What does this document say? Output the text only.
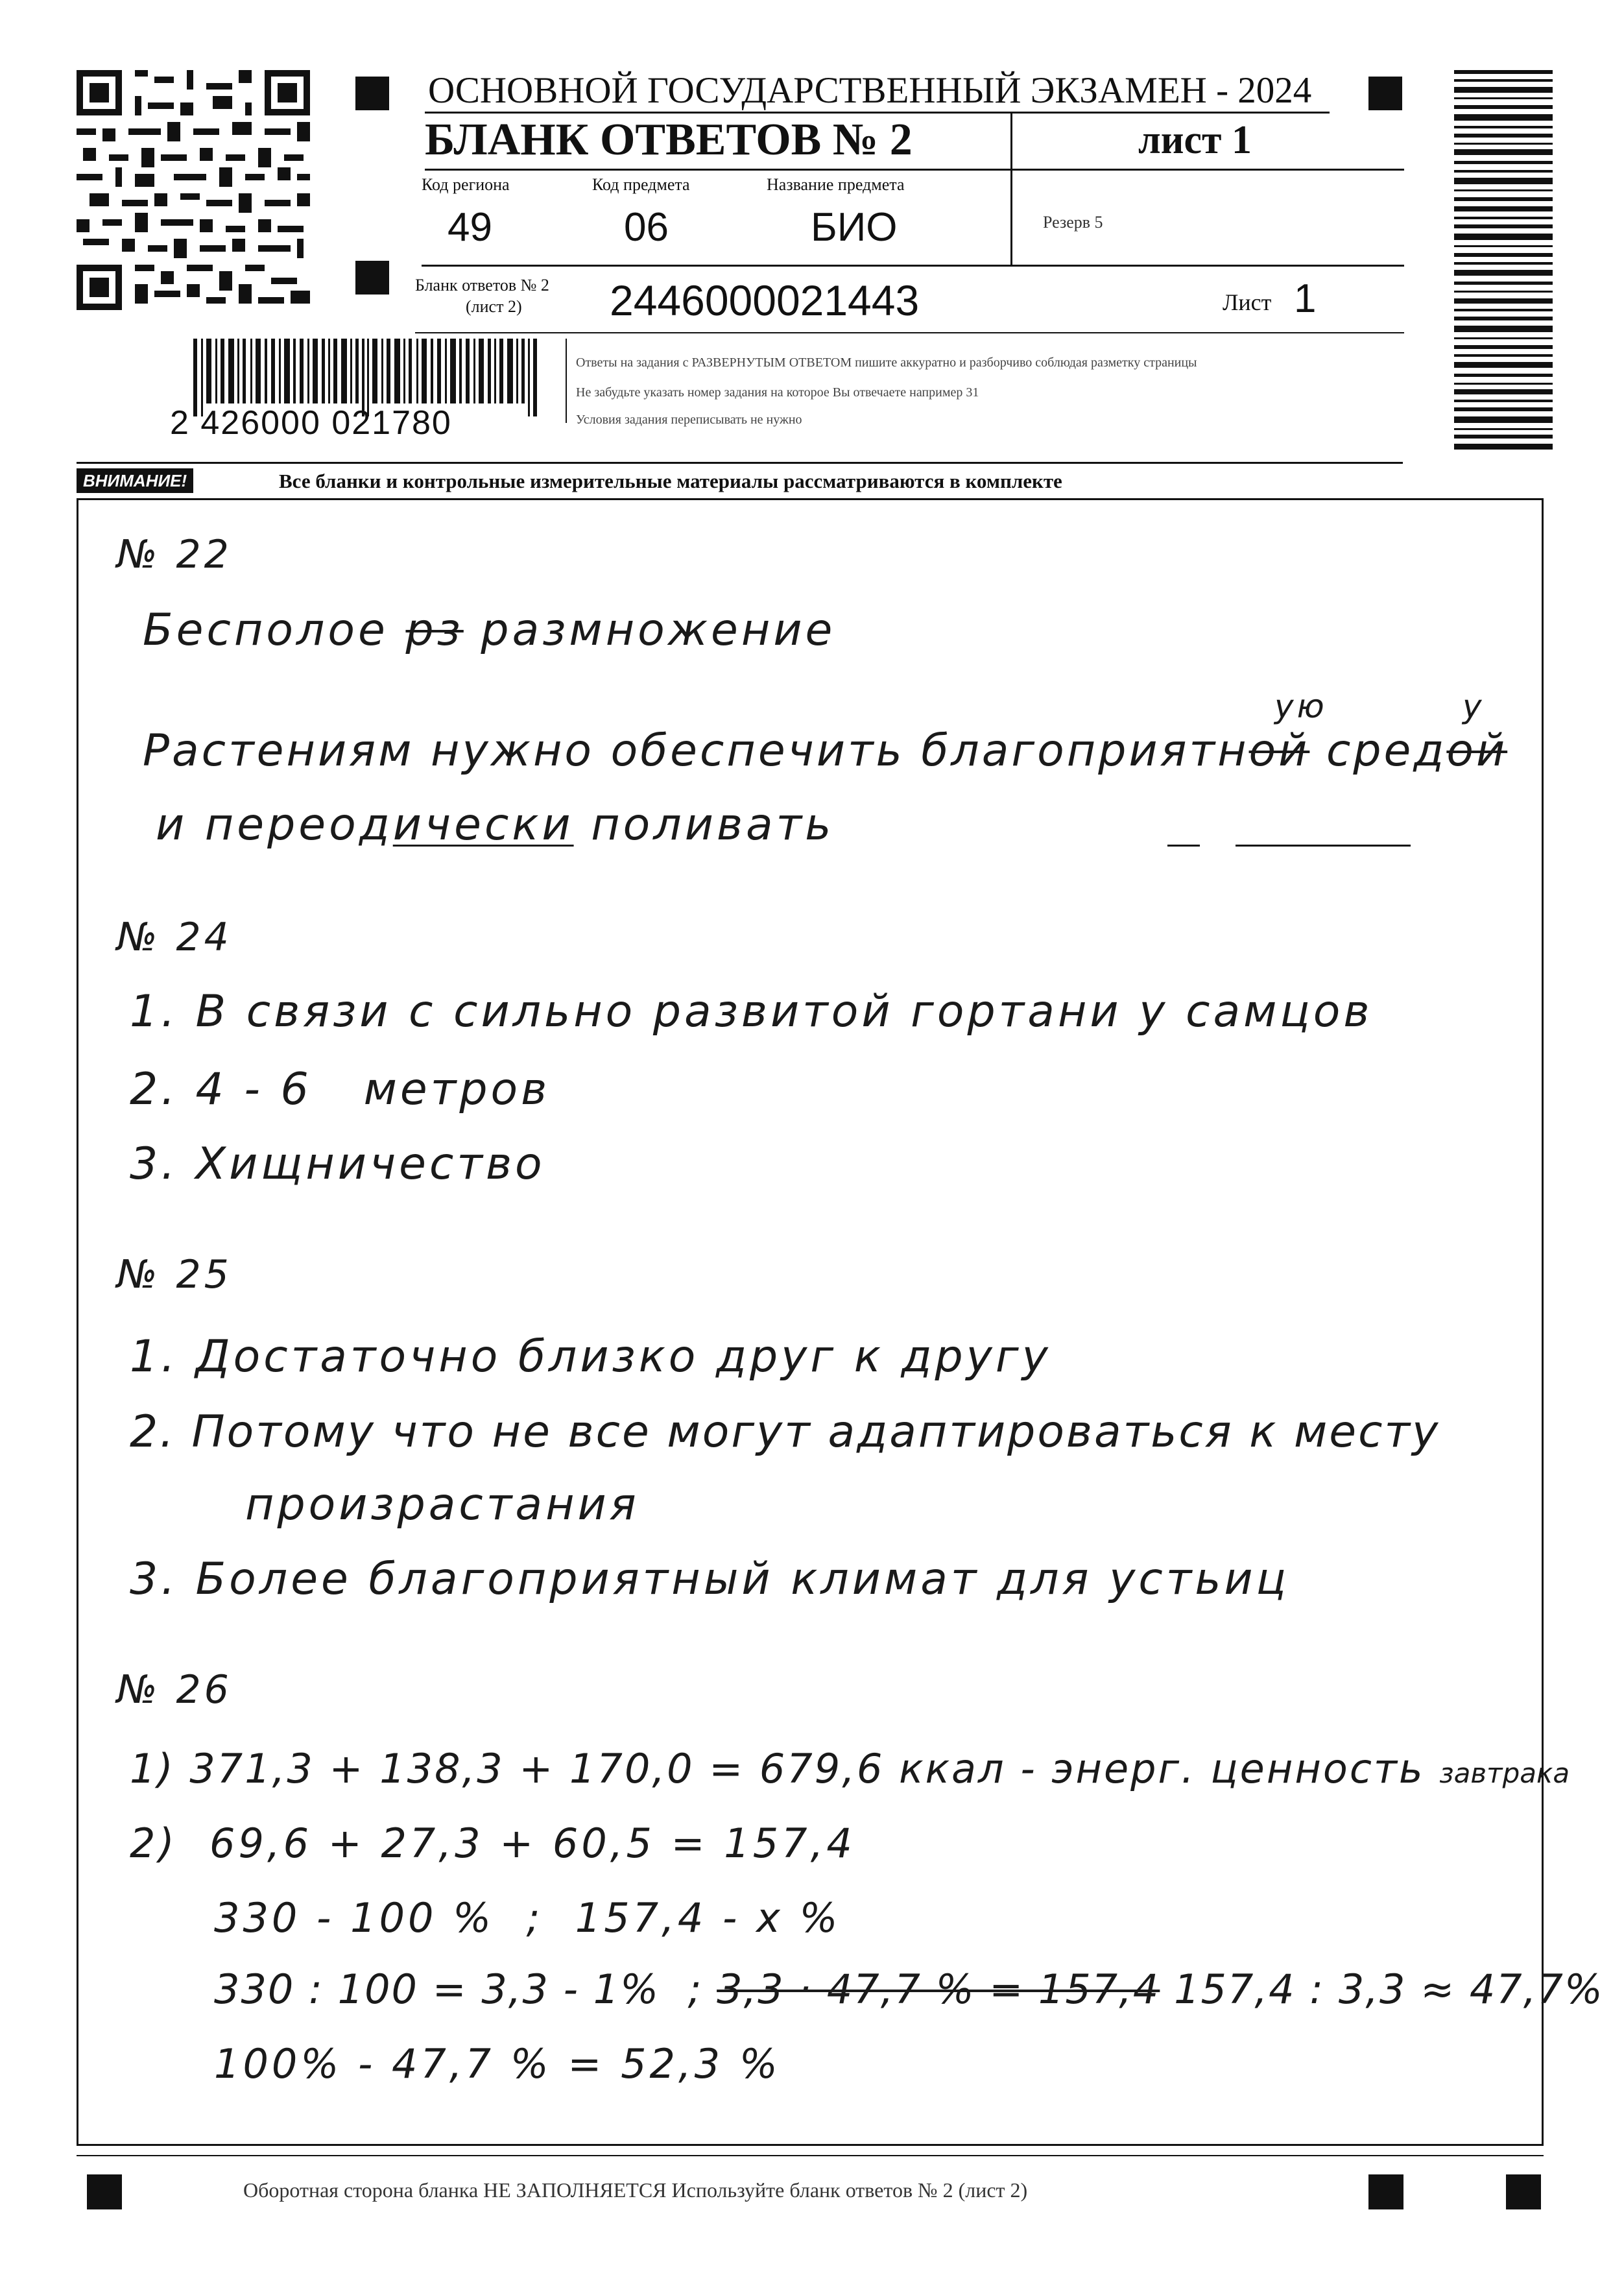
ОСНОВНОЙ ГОСУДАРСТВЕННЫЙ ЭКЗАМЕН - 2024
БЛАНК ОТВЕТОВ № 2	лист 1
Код региона	Код предмета	Название предмета
49	06	БИО	Резерв 5
Бланк ответов № 2
(лист 2) 2446000021443	Лист 1
2 426000 021780
Ответы на задания с РАЗВЕРНУТЫМ ОТВЕТОМ пишите аккуратно и разборчиво соблюдая разметку страницы
Не забудьте указать номер задания на которое Вы отвечаете например 31
Условия задания переписывать не нужно
ВНИМАНИЕ!	Все бланки и контрольные измерительные материалы рассматриваются в комплекте
№ 22
Бесполое рз размножение
ую	у
Растениям нужно обеспечить благоприятной средой
и переодически поливать
№ 24
1. В связи с сильно развитой гортани у самцов
2. 4 - 6   метров
3. Хищничество
№ 25
1. Достаточно близко друг к другу
2. Потому что не все могут адаптироваться к месту
произрастания
3. Более благоприятный климат для устьиц
№ 26
1) 371,3 + 138,3 + 170,0 = 679,6 ккал - энерг. ценность завтрака
2)  69,6 + 27,3 + 60,5 = 157,4
330 - 100 %  ;  157,4 - x %
330 : 100 = 3,3 - 1%  ; 3,3 · 47,7 % = 157,4 157,4 : 3,3 ≈ 47,7%
100% - 47,7 % = 52,3 %
Оборотная сторона бланка НЕ ЗАПОЛНЯЕТСЯ Используйте бланк ответов № 2 (лист 2)
